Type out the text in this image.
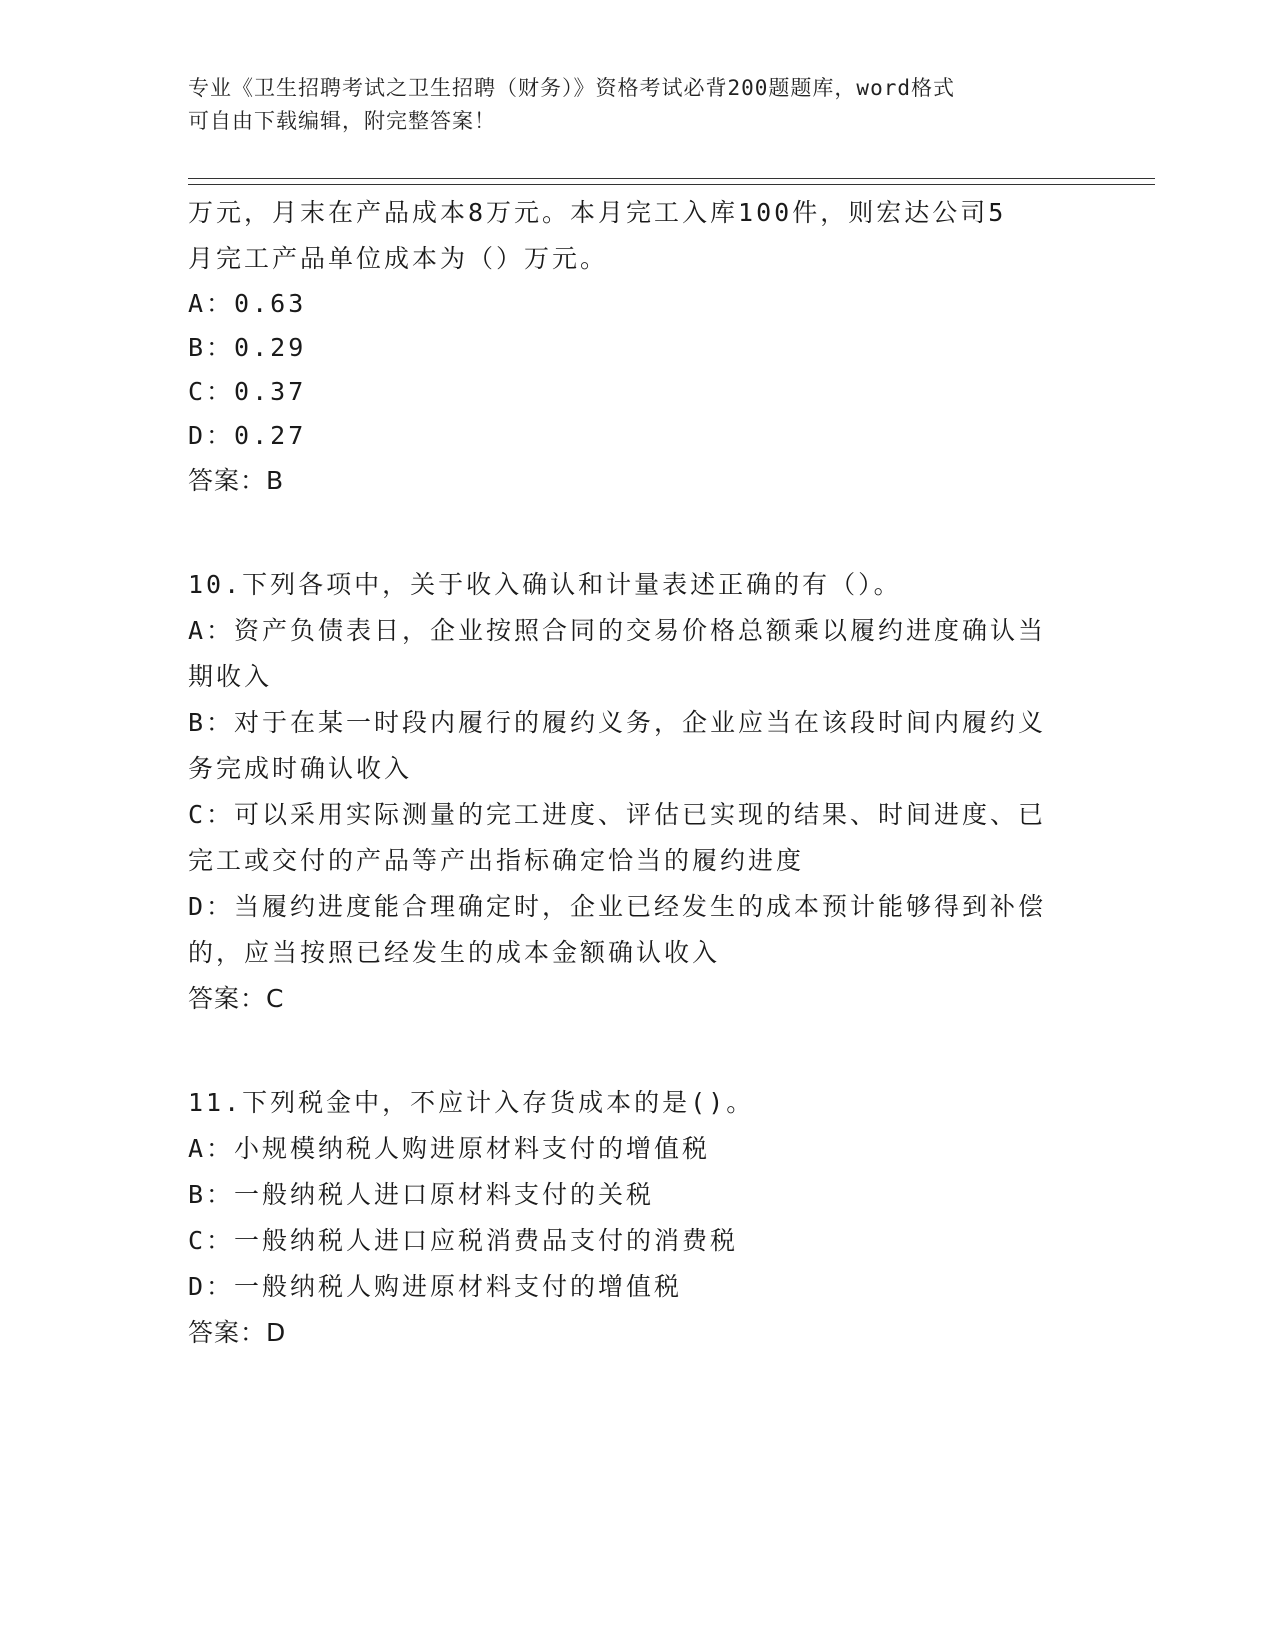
专业《卫生招聘考试之卫生招聘（财务）》资格考试必背200题题库，word格式
可自由下载编辑，附完整答案！
万元，月末在产品成本8万元。本月完工入库100件，则宏达公司5
月完工产品单位成本为（）万元。
A：0.63
B：0.29
C：0.37
D：0.27
答案：B
10.下列各项中，关于收入确认和计量表述正确的有（）。
A：资产负债表日，企业按照合同的交易价格总额乘以履约进度确认当
期收入
B：对于在某一时段内履行的履约义务，企业应当在该段时间内履约义
务完成时确认收入
C：可以采用实际测量的完工进度、评估已实现的结果、时间进度、已
完工或交付的产品等产出指标确定恰当的履约进度
D：当履约进度能合理确定时，企业已经发生的成本预计能够得到补偿
的，应当按照已经发生的成本金额确认收入
答案：C
11.下列税金中，不应计入存货成本的是()。
A：小规模纳税人购进原材料支付的增值税
B：一般纳税人进口原材料支付的关税
C：一般纳税人进口应税消费品支付的消费税
D：一般纳税人购进原材料支付的增值税
答案：D
